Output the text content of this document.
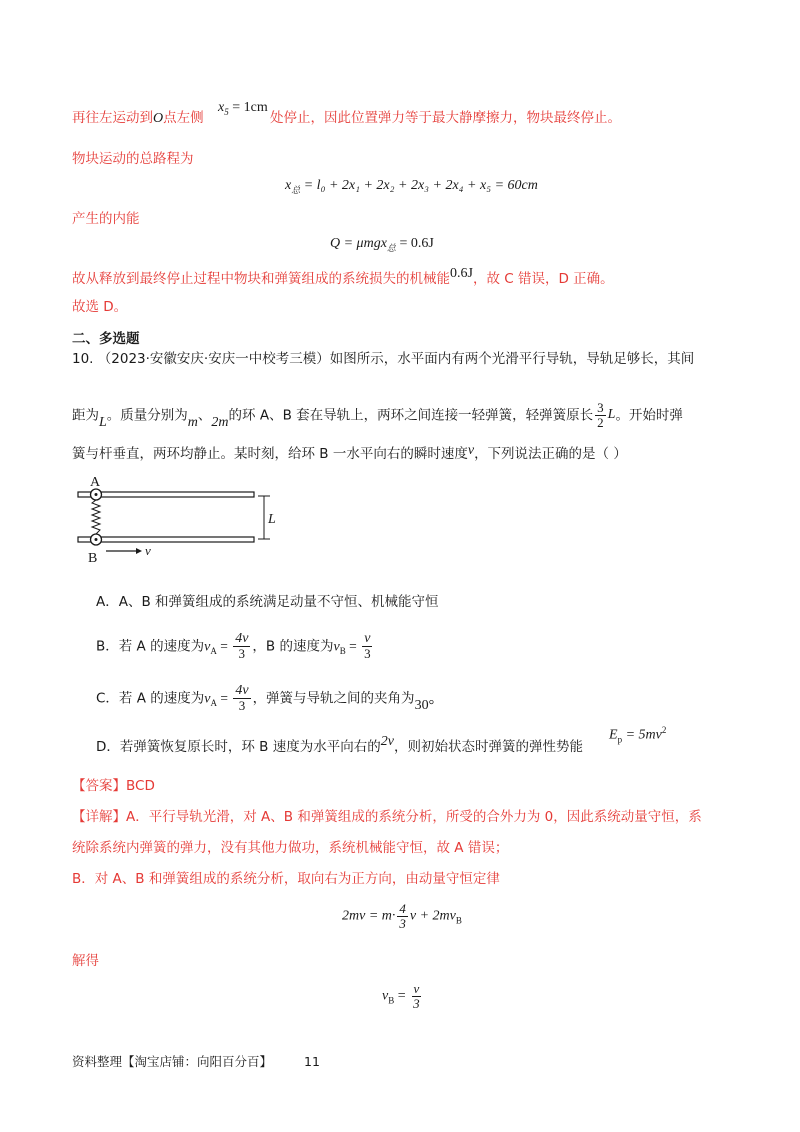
再往左运动到O点左侧
$x_5 = 1cm$
处停止，因此位置弹力等于最大静摩擦力，物块最终停止。
物块运动的总路程为
$x_总 = l_0 + 2x_1 + 2x_2 + 2x_3 + 2x_4 + x_5 = 60cm$
产生的内能
Q = μmgx$_总$ = 0.6J
故从释放到最终停止过程中物块和弹簧组成的系统损失的机械能0.6J，故 C 错误，D 正确。
故选 D。
二、多选题
10. （2023·安徽安庆·安庆一中校考三模）如图所示，水平面内有两个光滑平行导轨，导轨足够长，其间
距为L。质量分别为m、2m的环 A、B 套在导轨上，两环之间连接一轻弹簧，轻弹簧原长 $\frac{3}{2}$ L。开始时弹
簧与杆垂直，两环均静止。某时刻，给环 B 一水平向右的瞬时速度v，下列说法正确的是（ ）
A
B
v
L
A．A、B 和弹簧组成的系统满足动量不守恒、机械能守恒
B．若 A 的速度为$v_A = \frac{4v}{3}$ ，B 的速度为$v_B = \frac{v}{3}$
C．若 A 的速度为$v_A = \frac{4v}{3}$ ，弹簧与导轨之间的夹角为30°
D．若弹簧恢复原长时，环 B 速度为水平向右的2v，则初始状态时弹簧的弹性势能
$E_p = 5mv^2$
【答案】BCD
【详解】A．平行导轨光滑，对 A、B 和弹簧组成的系统分析，所受的合外力为 0，因此系统动量守恒，系
统除系统内弹簧的弹力，没有其他力做功，系统机械能守恒，故 A 错误；
B．对 A、B 和弹簧组成的系统分析，取向右为正方向，由动量守恒定律
$2mv = m\cdot \frac{4}{3}$ $v + 2mv_B$
解得
$v_B = \frac{v}{3}$
资料整理【淘宝店铺：向阳百分百】	11
